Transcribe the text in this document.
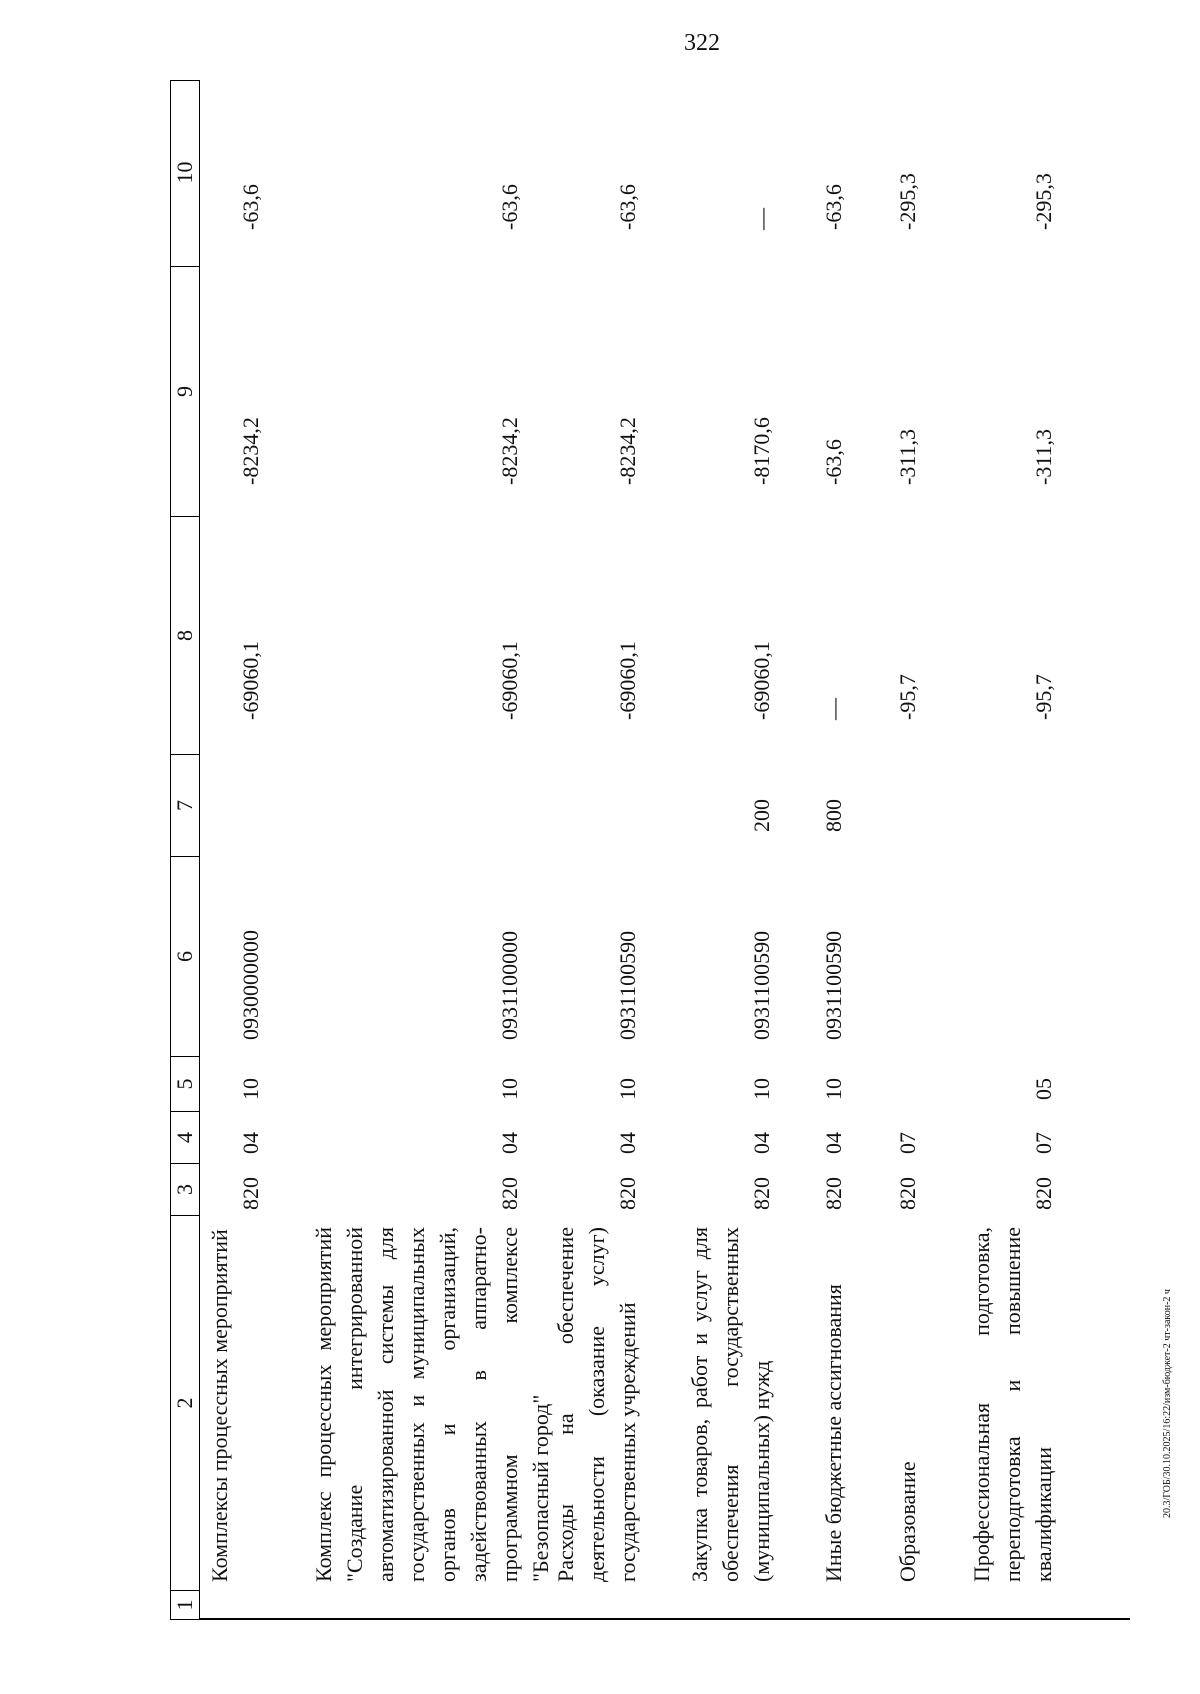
322
20.3/ГОБ/30.10.2025/16:22/изм-бюджет-2 чт-закон-2 ч
1
2
3
4
5
6
7
8
9
10
Комплексы процессных мероприятий
820
04
10
0930000000
-69060,1
-8234,2
-63,6
Комплекс процессных мероприятий "Создание интегрированной автоматизированной системы для государственных и муниципальных органов и организаций, задействованных в аппаратно-программном комплексе "Безопасный город"
820
04
10
0931100000
-69060,1
-8234,2
-63,6
Расходы на обеспечение деятельности (оказание услуг) государственных учреждений
820
04
10
0931100590
-69060,1
-8234,2
-63,6
Закупка товаров, работ и услуг для обеспечения государственных (муниципальных) нужд
820
04
10
0931100590
200
-69060,1
-8170,6
—
Иные бюджетные ассигнования
820
04
10
0931100590
800
—
-63,6
-63,6
Образование
820
07
-95,7
-311,3
-295,3
Профессиональная подготовка, переподготовка и повышение квалификации
820
07
05
-95,7
-311,3
-295,3
